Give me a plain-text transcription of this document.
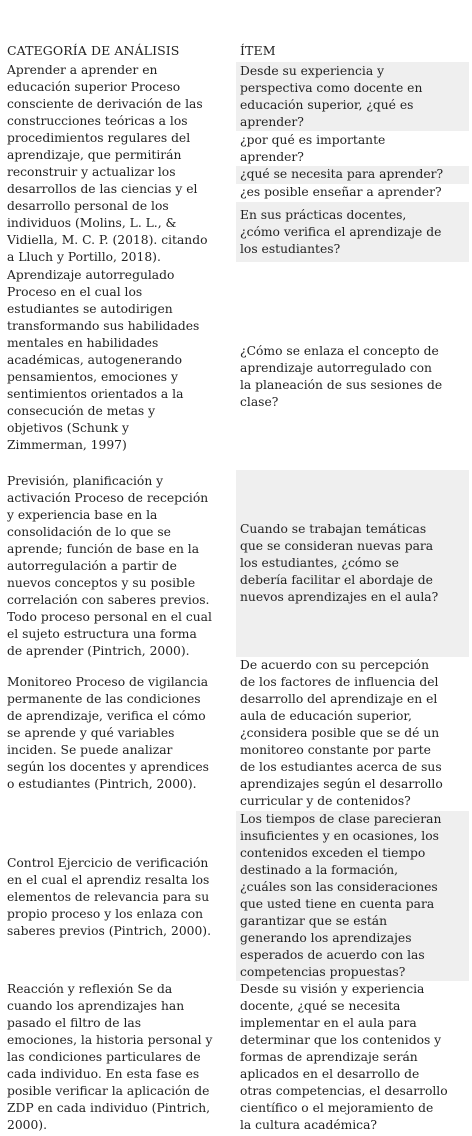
CATEGORÍA DE ANÁLISIS	ÍTEM
Aprender a aprender en
educación superior Proceso
consciente de derivación de las
construcciones teóricas a los
procedimientos regulares del
aprendizaje, que permitirán
reconstruir y actualizar los
desarrollos de las ciencias y el
desarrollo personal de los
individuos (Molins, L. L., &
Vidiella, M. C. P. (2018). citando
a Lluch y Portillo, 2018).
Desde su experiencia y
perspectiva como docente en
educación superior, ¿qué es
aprender?
¿por qué es importante
aprender?
¿qué se necesita para aprender?
¿es posible enseñar a aprender?
En sus prácticas docentes,
¿cómo verifica el aprendizaje de
los estudiantes?
Aprendizaje autorregulado
Proceso en el cual los
estudiantes se autodirigen
transformando sus habilidades
mentales en habilidades
académicas, autogenerando
pensamientos, emociones y
sentimientos orientados a la
consecución de metas y
objetivos (Schunk y
Zimmerman, 1997)
¿Cómo se enlaza el concepto de
aprendizaje autorregulado con
la planeación de sus sesiones de
clase?
Previsión, planificación y
activación Proceso de recepción
y experiencia base en la
consolidación de lo que se
aprende; función de base en la
autorregulación a partir de
nuevos conceptos y su posible
correlación con saberes previos.
Todo proceso personal en el cual
el sujeto estructura una forma
de aprender (Pintrich, 2000).
Cuando se trabajan temáticas
que se consideran nuevas para
los estudiantes, ¿cómo se
debería facilitar el abordaje de
nuevos aprendizajes en el aula?
Monitoreo Proceso de vigilancia
permanente de las condiciones
de aprendizaje, verifica el cómo
se aprende y qué variables
inciden. Se puede analizar
según los docentes y aprendices
o estudiantes (Pintrich, 2000).
De acuerdo con su percepción
de los factores de influencia del
desarrollo del aprendizaje en el
aula de educación superior,
¿considera posible que se dé un
monitoreo constante por parte
de los estudiantes acerca de sus
aprendizajes según el desarrollo
curricular y de contenidos?
Control Ejercicio de verificación
en el cual el aprendiz resalta los
elementos de relevancia para su
propio proceso y los enlaza con
saberes previos (Pintrich, 2000).
Los tiempos de clase parecieran
insuficientes y en ocasiones, los
contenidos exceden el tiempo
destinado a la formación,
¿cuáles son las consideraciones
que usted tiene en cuenta para
garantizar que se están
generando los aprendizajes
esperados de acuerdo con las
competencias propuestas?
Reacción y reflexión Se da
cuando los aprendizajes han
pasado el filtro de las
emociones, la historia personal y
las condiciones particulares de
cada individuo. En esta fase es
posible verificar la aplicación de
ZDP en cada individuo (Pintrich,
2000).
Desde su visión y experiencia
docente, ¿qué se necesita
implementar en el aula para
determinar que los contenidos y
formas de aprendizaje serán
aplicados en el desarrollo de
otras competencias, el desarrollo
científico o el mejoramiento de
la cultura académica?
